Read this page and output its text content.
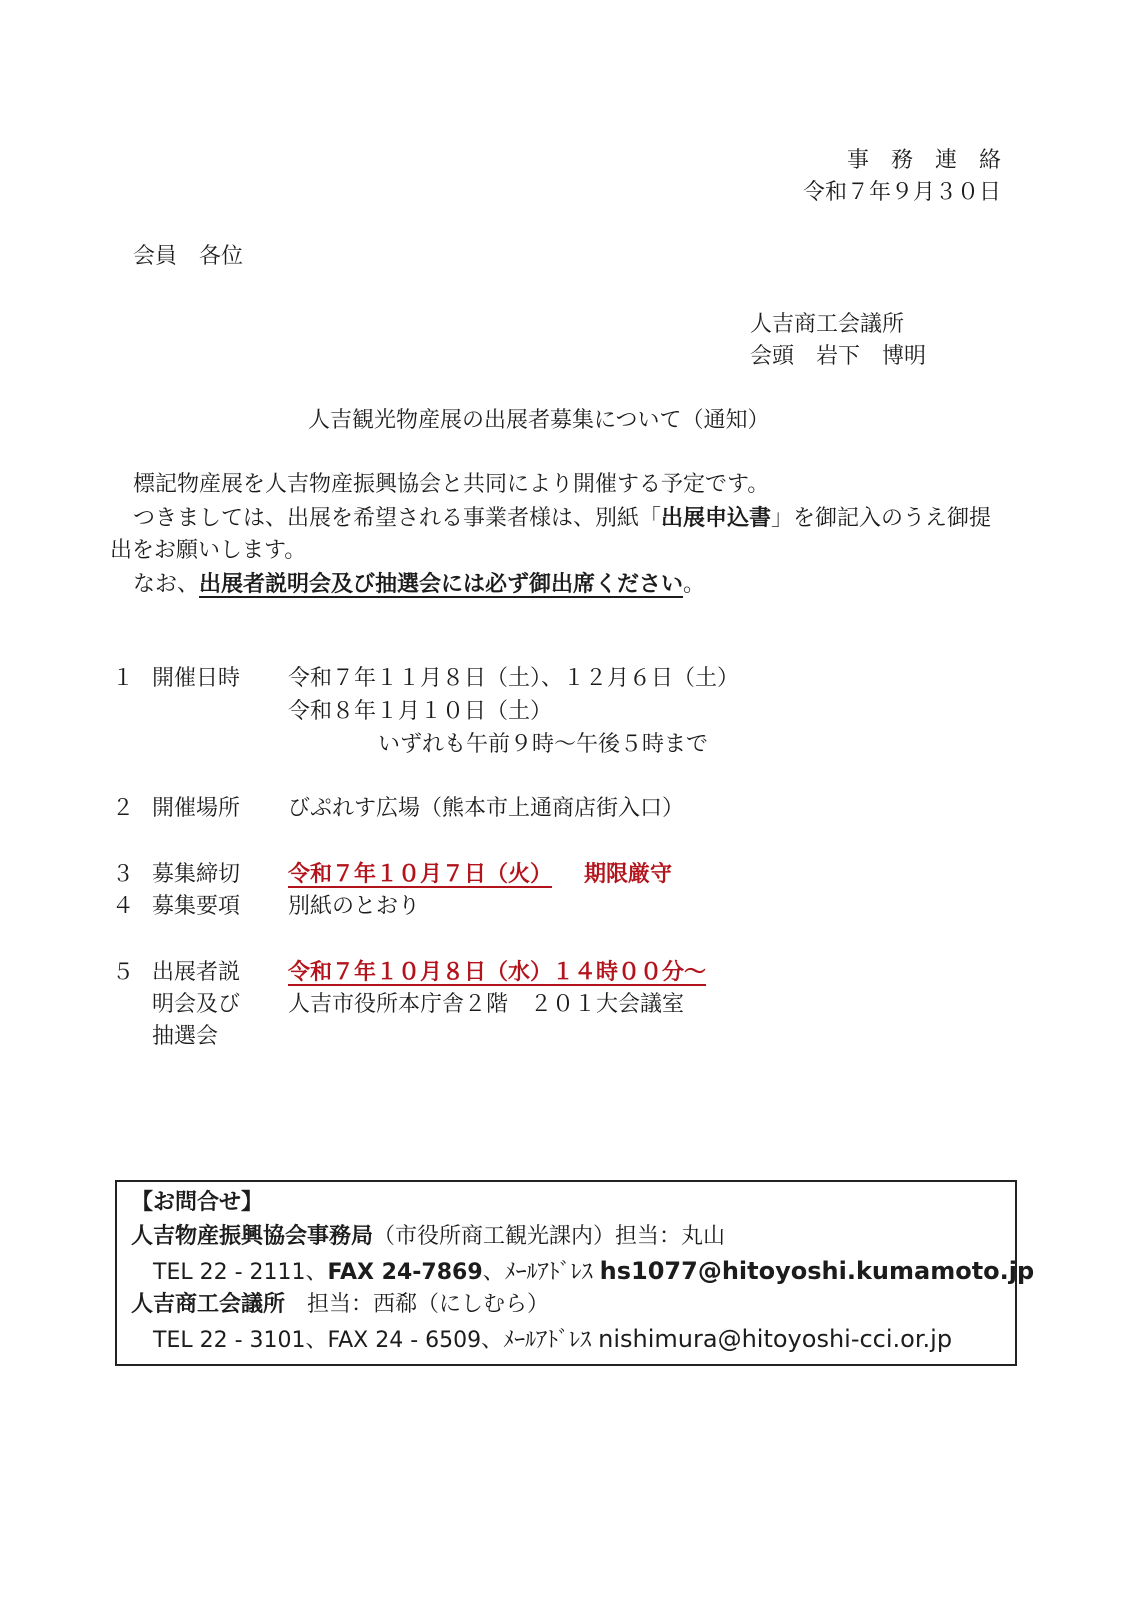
事　務　連　絡
令和７年９月３０日
会員　各位
人吉商工会議所
会頭　岩下　博明
人吉観光物産展の出展者募集について（通知）
標記物産展を人吉物産振興協会と共同により開催する予定です。
つきましては、出展を希望される事業者様は、別紙「出展申込書」を御記入のうえ御提
出をお願いします。
なお、出展者説明会及び抽選会には必ず御出席ください。
１ 開催日時 令和７年１１月８日（土）、１２月６日（土）
令和８年１月１０日（土）
いずれも午前９時～午後５時まで
２ 開催場所 びぷれす広場（熊本市上通商店街入口）
３ 募集締切 令和７年１０月７日（火） 期限厳守
４ 募集要項 別紙のとおり
５ 出展者説
明会及び
抽選会
令和７年１０月８日（水）１４時００分～
人吉市役所本庁舎２階　２０１大会議室
【お問合せ】
人吉物産振興協会事務局（市役所商工観光課内）担当：丸山
TEL 22 - 2111、FAX 24-7869、ﾒｰﾙｱﾄﾞﾚｽ hs1077@hitoyoshi.kumamoto.jp
人吉商工会議所　担当：西郗（にしむら）
TEL 22 - 3101、FAX 24 - 6509、ﾒｰﾙｱﾄﾞﾚｽ nishimura@hitoyoshi-cci.or.jp
